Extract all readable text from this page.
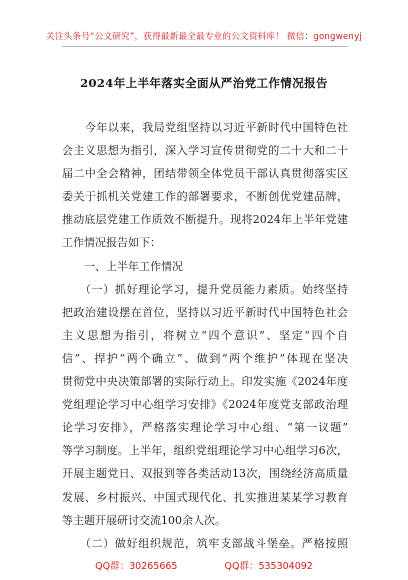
关注头条号“公文研究”，获得最新最全最专业的公文资料库！ 微信：gongwenyj
2024年上半年落实全面从严治党工作情况报告
　　今年以来，我局党组坚持以习近平新时代中国特色社
会主义思想为指引，深入学习宣传贯彻党的二十大和二十
届二中全会精神，团结带领全体党员干部认真贯彻落实区
委关于抓机关党建工作的部署要求，不断创优党建品牌，
推动底层党建工作质效不断提升。现将2024年上半年党建
工作情况报告如下：
　　一、上半年工作情况
　　（一）抓好理论学习，提升党员能力素质。始终坚持
把政治建设摆在首位，坚持以习近平新时代中国特色社会
主义思想为指引，将树立“四个意识”、坚定“四个自
信”、捍护“两个确立”、做到“两个维护”体现在坚决
贯彻党中央决策部署的实际行动上。印发实施《2024年度
党组理论学习中心组学习安排》《2024年度党支部政治理
论学习安排》，严格落实理论学习中心组、“第一议题”
等学习制度。上半年，组织党组理论学习中心组学习6次，
开展主题党日、双报到等各类活动13次，围绕经济高质量
发展、乡村振兴、中国式现代化、扎实推进某某学习教育
等主题开展研讨交流100余人次。
　　（二）做好组织规范，筑牢支部战斗堡垒。严格按照
QQ群：30265665	QQ群：535304092
